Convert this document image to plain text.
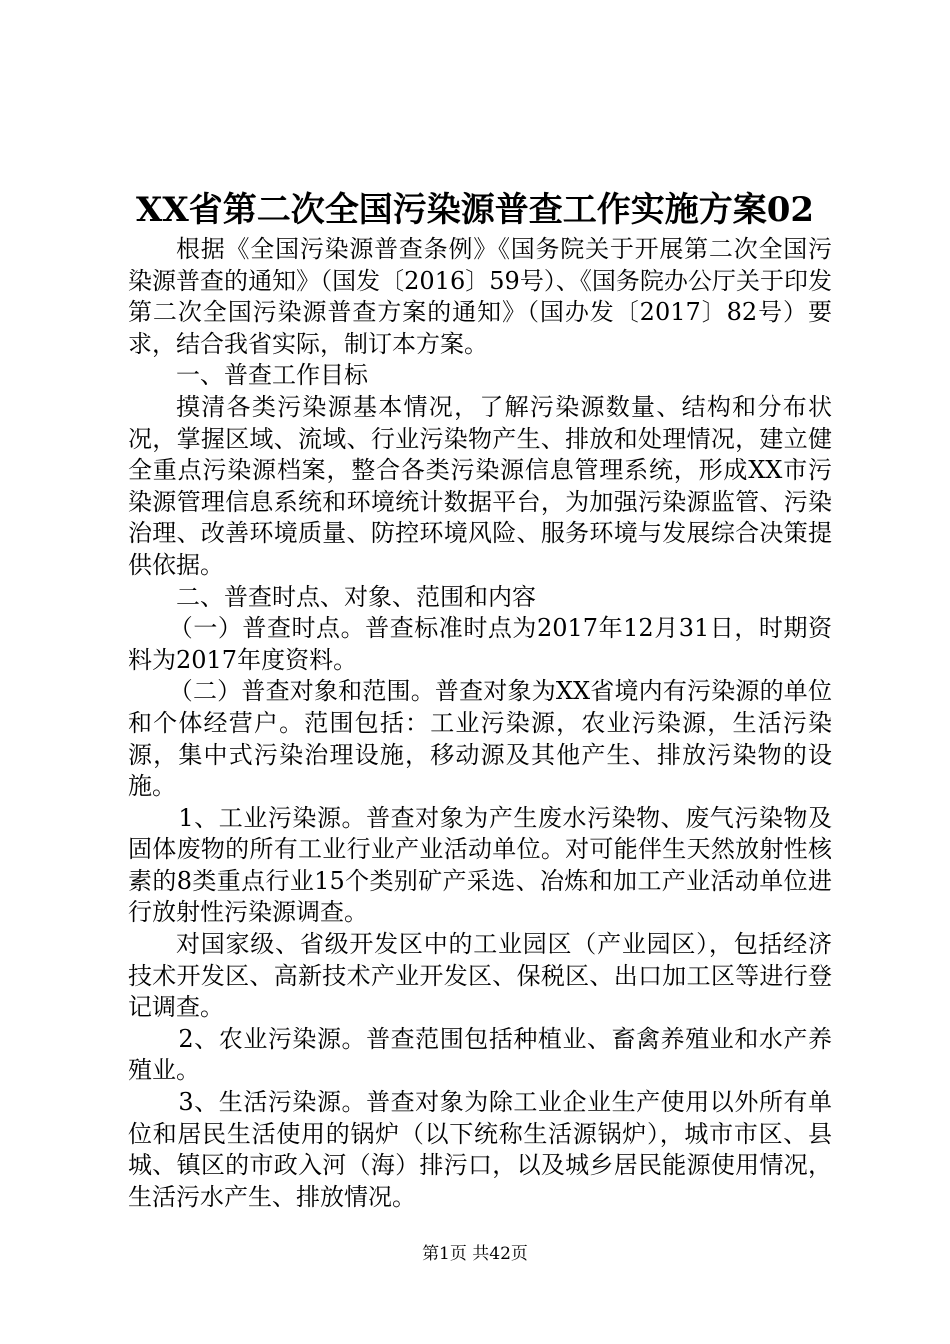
XX省第二次全国污染源普查工作实施方案02

根据《全国污染源普查条例》《国务院关于开展第二次全国污染源普查的通知》（国发〔2016〕59号）、《国务院办公厅关于印发第二次全国污染源普查方案的通知》（国办发〔2017〕82号）要求，结合我省实际，制订本方案。

一、普查工作目标

摸清各类污染源基本情况，了解污染源数量、结构和分布状况，掌握区域、流域、行业污染物产生、排放和处理情况，建立健全重点污染源档案，整合各类污染源信息管理系统，形成XX市污染源管理信息系统和环境统计数据平台，为加强污染源监管、污染治理、改善环境质量、防控环境风险、服务环境与发展综合决策提供依据。

二、普查时点、对象、范围和内容

（一）普查时点。普查标准时点为2017年12月31日，时期资料为2017年度资料。

（二）普查对象和范围。普查对象为XX省境内有污染源的单位和个体经营户。范围包括：工业污染源，农业污染源，生活污染源，集中式污染治理设施，移动源及其他产生、排放污染物的设施。

1、工业污染源。普查对象为产生废水污染物、废气污染物及固体废物的所有工业行业产业活动单位。对可能伴生天然放射性核素的8类重点行业15个类别矿产采选、冶炼和加工产业活动单位进行放射性污染源调查。

对国家级、省级开发区中的工业园区（产业园区），包括经济技术开发区、高新技术产业开发区、保税区、出口加工区等进行登记调查。

2、农业污染源。普查范围包括种植业、畜禽养殖业和水产养殖业。

3、生活污染源。普查对象为除工业企业生产使用以外所有单位和居民生活使用的锅炉（以下统称生活源锅炉），城市市区、县城、镇区的市政入河（海）排污口，以及城乡居民能源使用情况，生活污水产生、排放情况。

第1页 共42页
